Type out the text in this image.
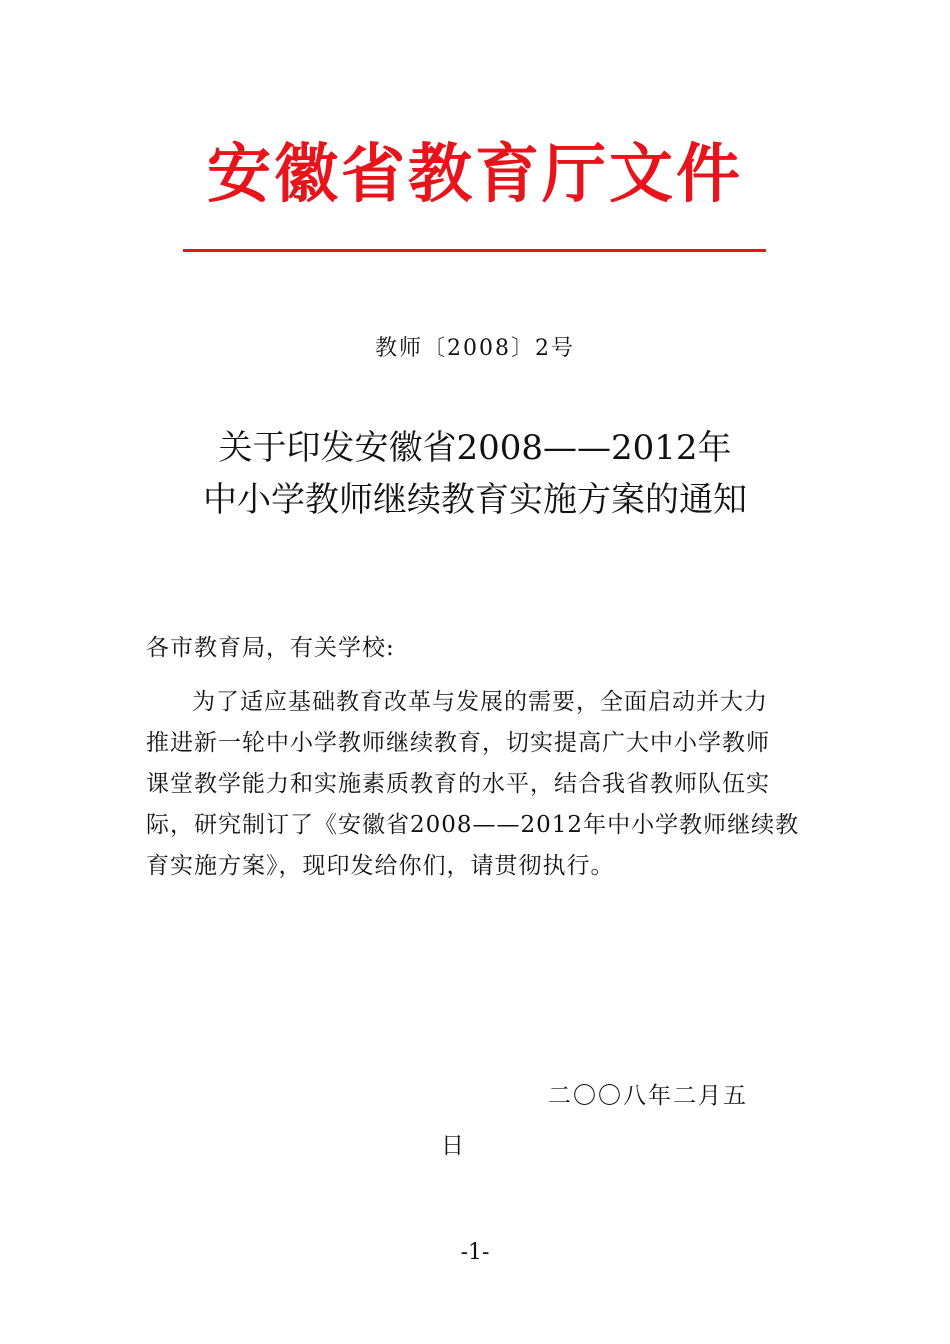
安徽省教育厅文件
教师〔2008〕2号
关于印发安徽省2008——2012年
中小学教师继续教育实施方案的通知
各市教育局，有关学校:
为了适应基础教育改革与发展的需要，全面启动并大力
推进新一轮中小学教师继续教育，切实提高广大中小学教师
课堂教学能力和实施素质教育的水平，结合我省教师队伍实
际，研究制订了《安徽省2008——2012年中小学教师继续教
育实施方案》，现印发给你们，请贯彻执行。
二〇〇八年二月五
日
-1-
